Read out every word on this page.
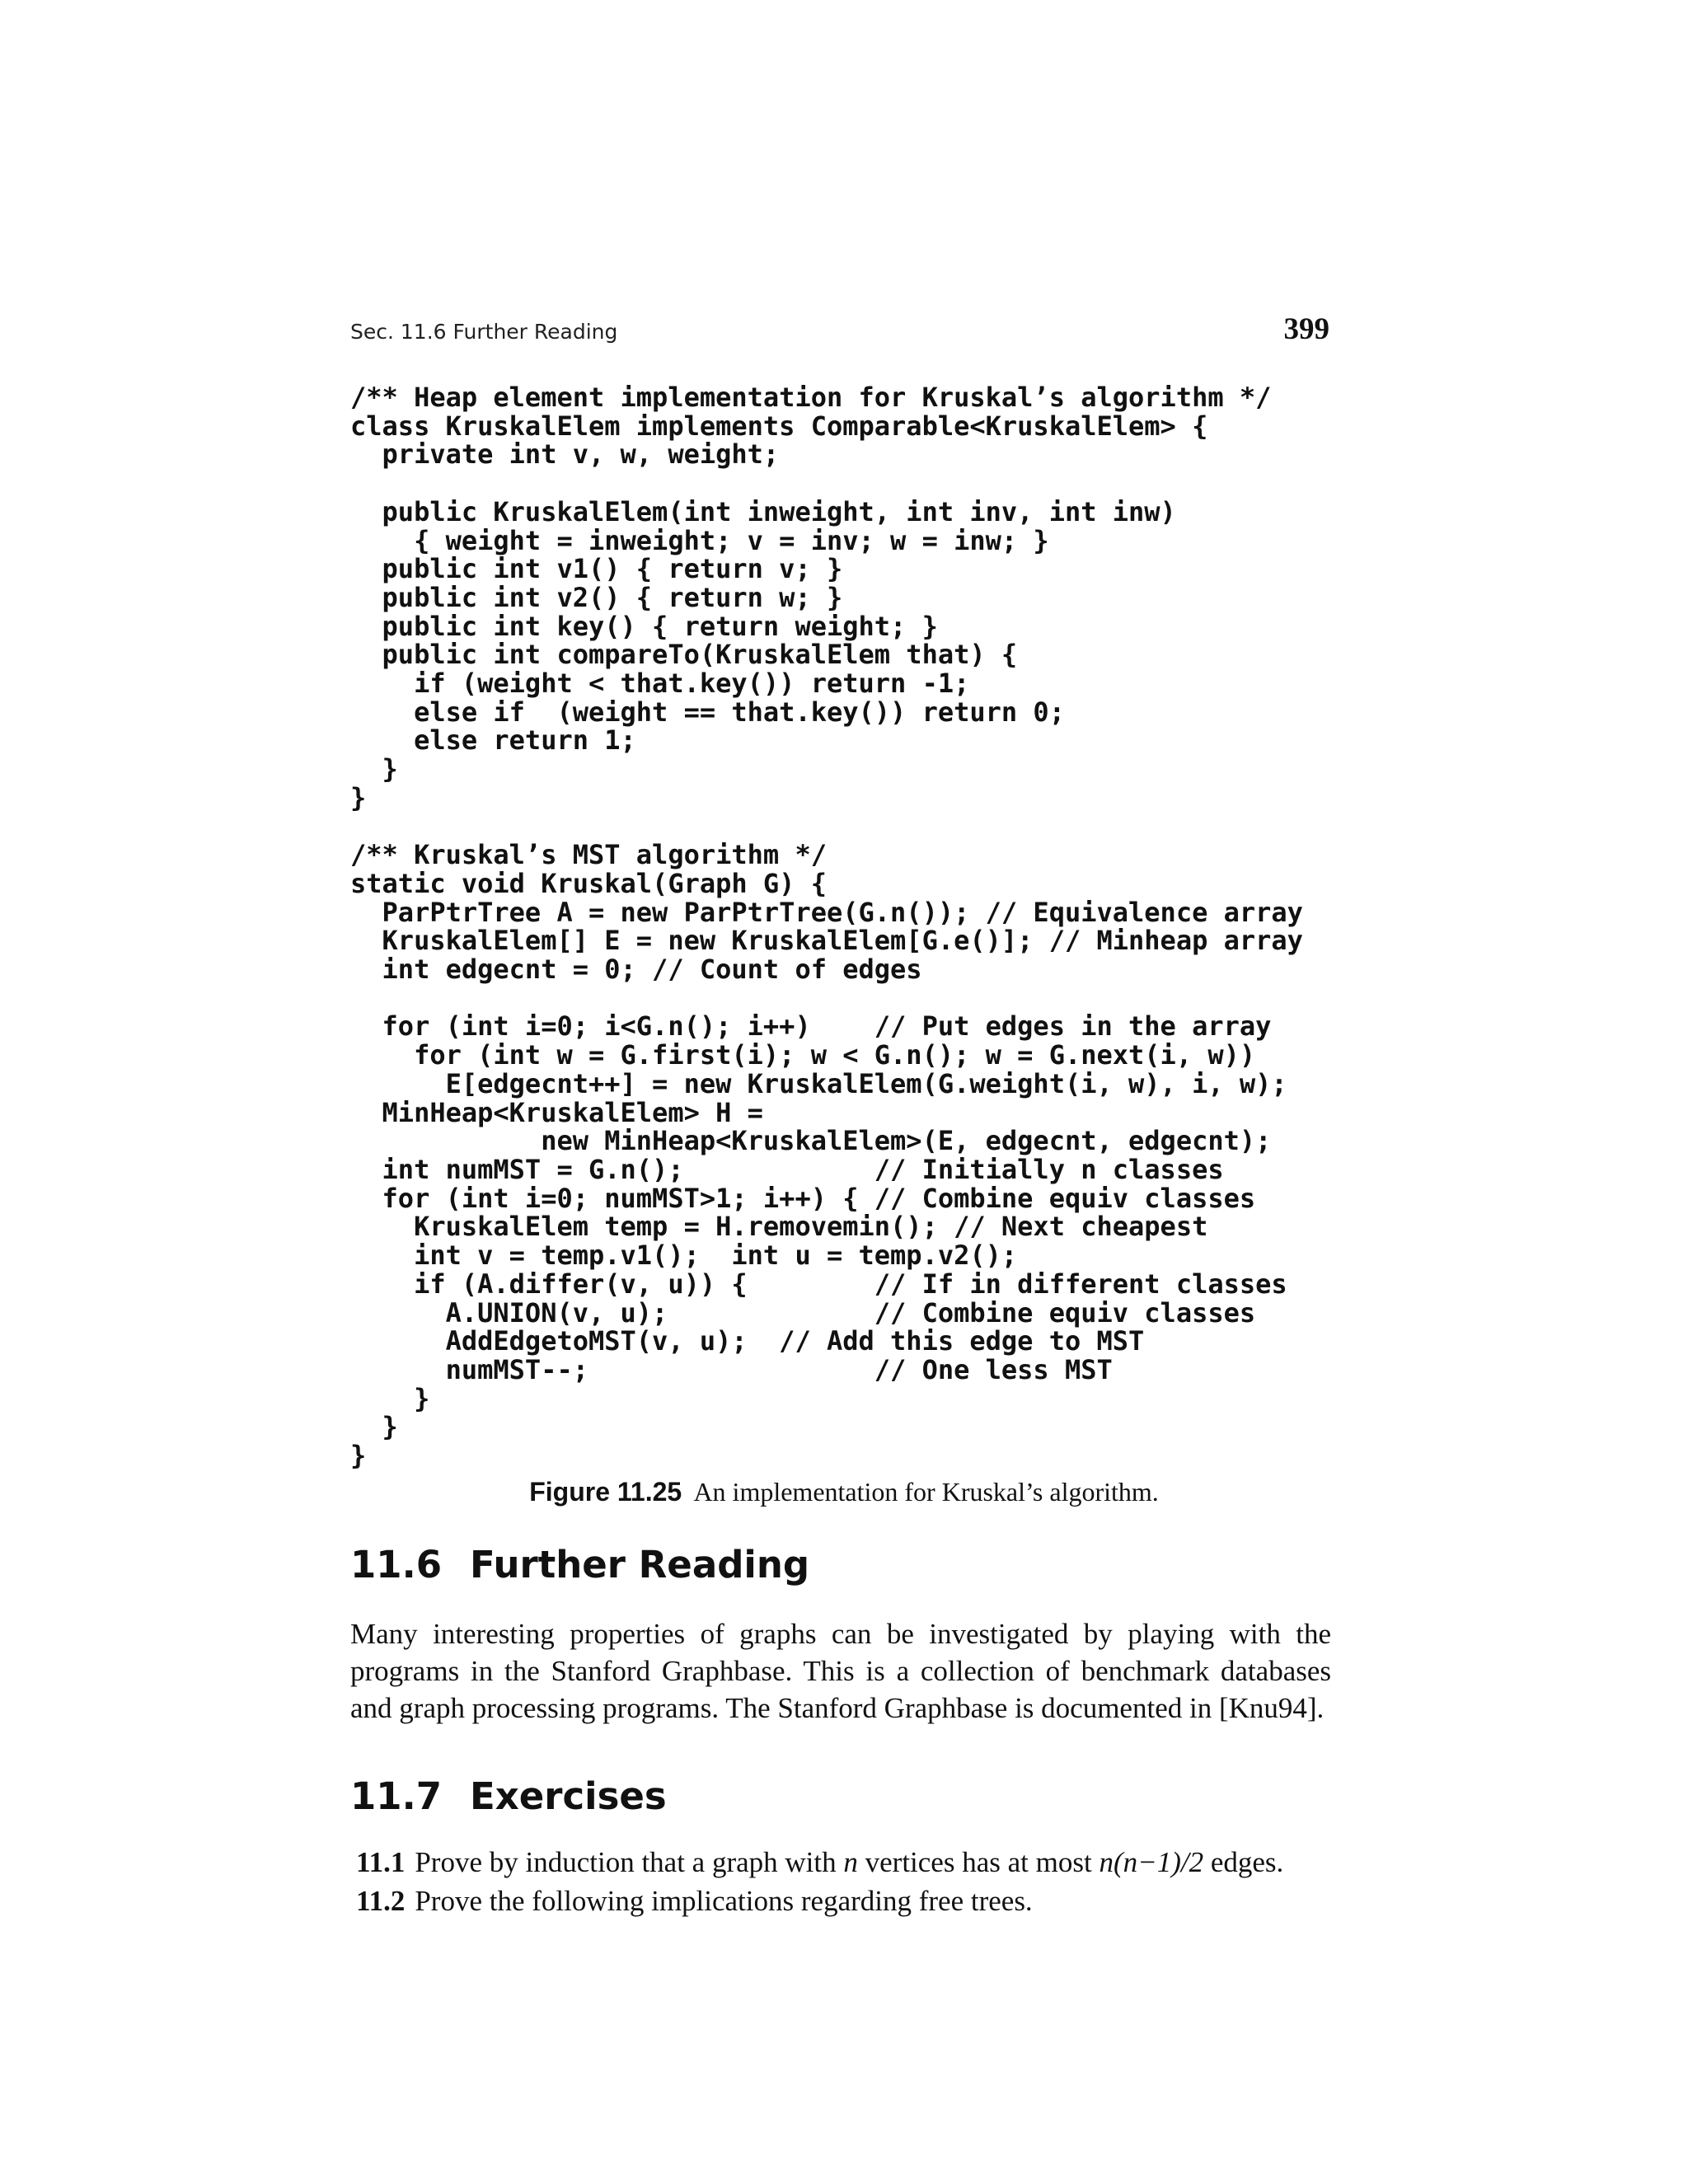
Sec. 11.6 Further Reading	399
/** Heap element implementation for Kruskal’s algorithm */
class KruskalElem implements Comparable<KruskalElem> {
private int v, w, weight;

public KruskalElem(int inweight, int inv, int inw)
{ weight = inweight; v = inv; w = inw; }
public int v1() { return v; }
public int v2() { return w; }
public int key() { return weight; }
public int compareTo(KruskalElem that) {
if (weight < that.key()) return -1;
else if  (weight == that.key()) return 0;
else return 1;
}
}

/** Kruskal’s MST algorithm */
static void Kruskal(Graph G) {
ParPtrTree A = new ParPtrTree(G.n()); // Equivalence array
KruskalElem[] E = new KruskalElem[G.e()]; // Minheap array
int edgecnt = 0; // Count of edges

for (int i=0; i<G.n(); i++)    // Put edges in the array
for (int w = G.first(i); w < G.n(); w = G.next(i, w))
E[edgecnt++] = new KruskalElem(G.weight(i, w), i, w);
MinHeap<KruskalElem> H =
new MinHeap<KruskalElem>(E, edgecnt, edgecnt);
int numMST = G.n();            // Initially n classes
for (int i=0; numMST>1; i++) { // Combine equiv classes
KruskalElem temp = H.removemin(); // Next cheapest
int v = temp.v1();  int u = temp.v2();
if (A.differ(v, u)) {        // If in different classes
A.UNION(v, u);             // Combine equiv classes
AddEdgetoMST(v, u);  // Add this edge to MST
numMST--;                  // One less MST
}
}
}
Figure 11.25 An implementation for Kruskal’s algorithm.
11.6 Further Reading

Many interesting properties of graphs can be investigated by playing with the programs in the Stanford Graphbase. This is a collection of benchmark databases and graph processing programs. The Stanford Graphbase is documented in [Knu94].

11.7 Exercises
11.1 Prove by induction that a graph with n vertices has at most n(n−1)/2 edges.
11.2 Prove the following implications regarding free trees.
